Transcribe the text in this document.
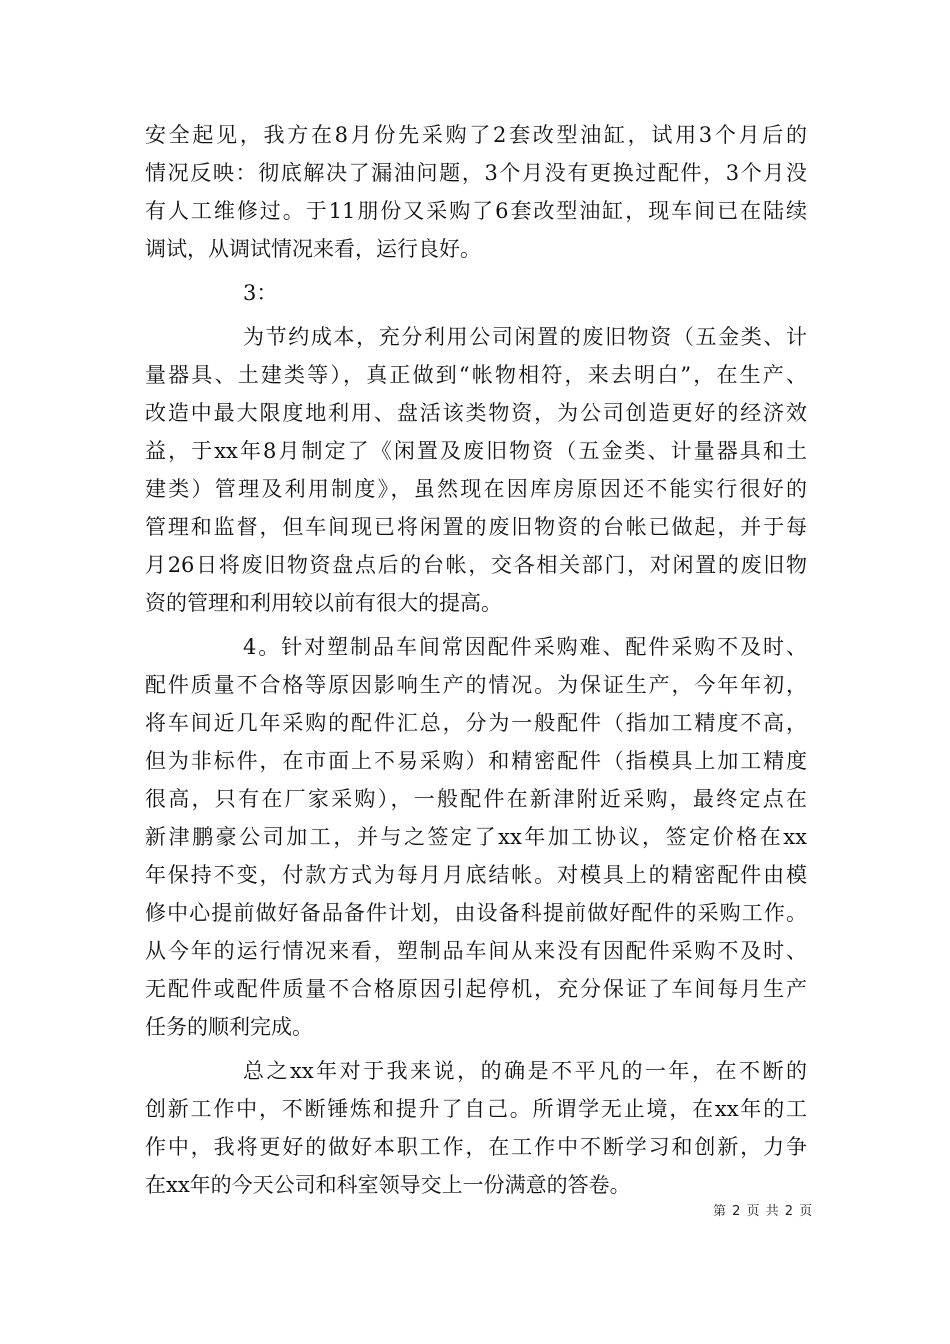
安全起见，我方在8月份先采购了2套改型油缸，试用3个月后的
情况反映：彻底解决了漏油问题，3个月没有更换过配件，3个月没
有人工维修过。于11朋份又采购了6套改型油缸，现车间已在陆续
调试，从调试情况来看，运行良好。
3：
为节约成本，充分利用公司闲置的废旧物资（五金类、计
量器具、土建类等），真正做到“帐物相符，来去明白”，在生产、
改造中最大限度地利用、盘活该类物资，为公司创造更好的经济效
益，于xx年8月制定了《闲置及废旧物资（五金类、计量器具和土
建类）管理及利用制度》，虽然现在因库房原因还不能实行很好的
管理和监督，但车间现已将闲置的废旧物资的台帐已做起，并于每
月26日将废旧物资盘点后的台帐，交各相关部门，对闲置的废旧物
资的管理和利用较以前有很大的提高。
4。针对塑制品车间常因配件采购难、配件采购不及时、
配件质量不合格等原因影响生产的情况。为保证生产，今年年初，
将车间近几年采购的配件汇总，分为一般配件（指加工精度不高，
但为非标件，在市面上不易采购）和精密配件（指模具上加工精度
很高，只有在厂家采购），一般配件在新津附近采购，最终定点在
新津鹏豪公司加工，并与之签定了xx年加工协议，签定价格在xx
年保持不变，付款方式为每月月底结帐。对模具上的精密配件由模
修中心提前做好备品备件计划，由设备科提前做好配件的采购工作。
从今年的运行情况来看，塑制品车间从来没有因配件采购不及时、
无配件或配件质量不合格原因引起停机，充分保证了车间每月生产
任务的顺利完成。
总之xx年对于我来说，的确是不平凡的一年，在不断的
创新工作中，不断锤炼和提升了自己。所谓学无止境，在xx年的工
作中，我将更好的做好本职工作，在工作中不断学习和创新，力争
在xx年的今天公司和科室领导交上一份满意的答卷。
第 2 页 共 2 页
